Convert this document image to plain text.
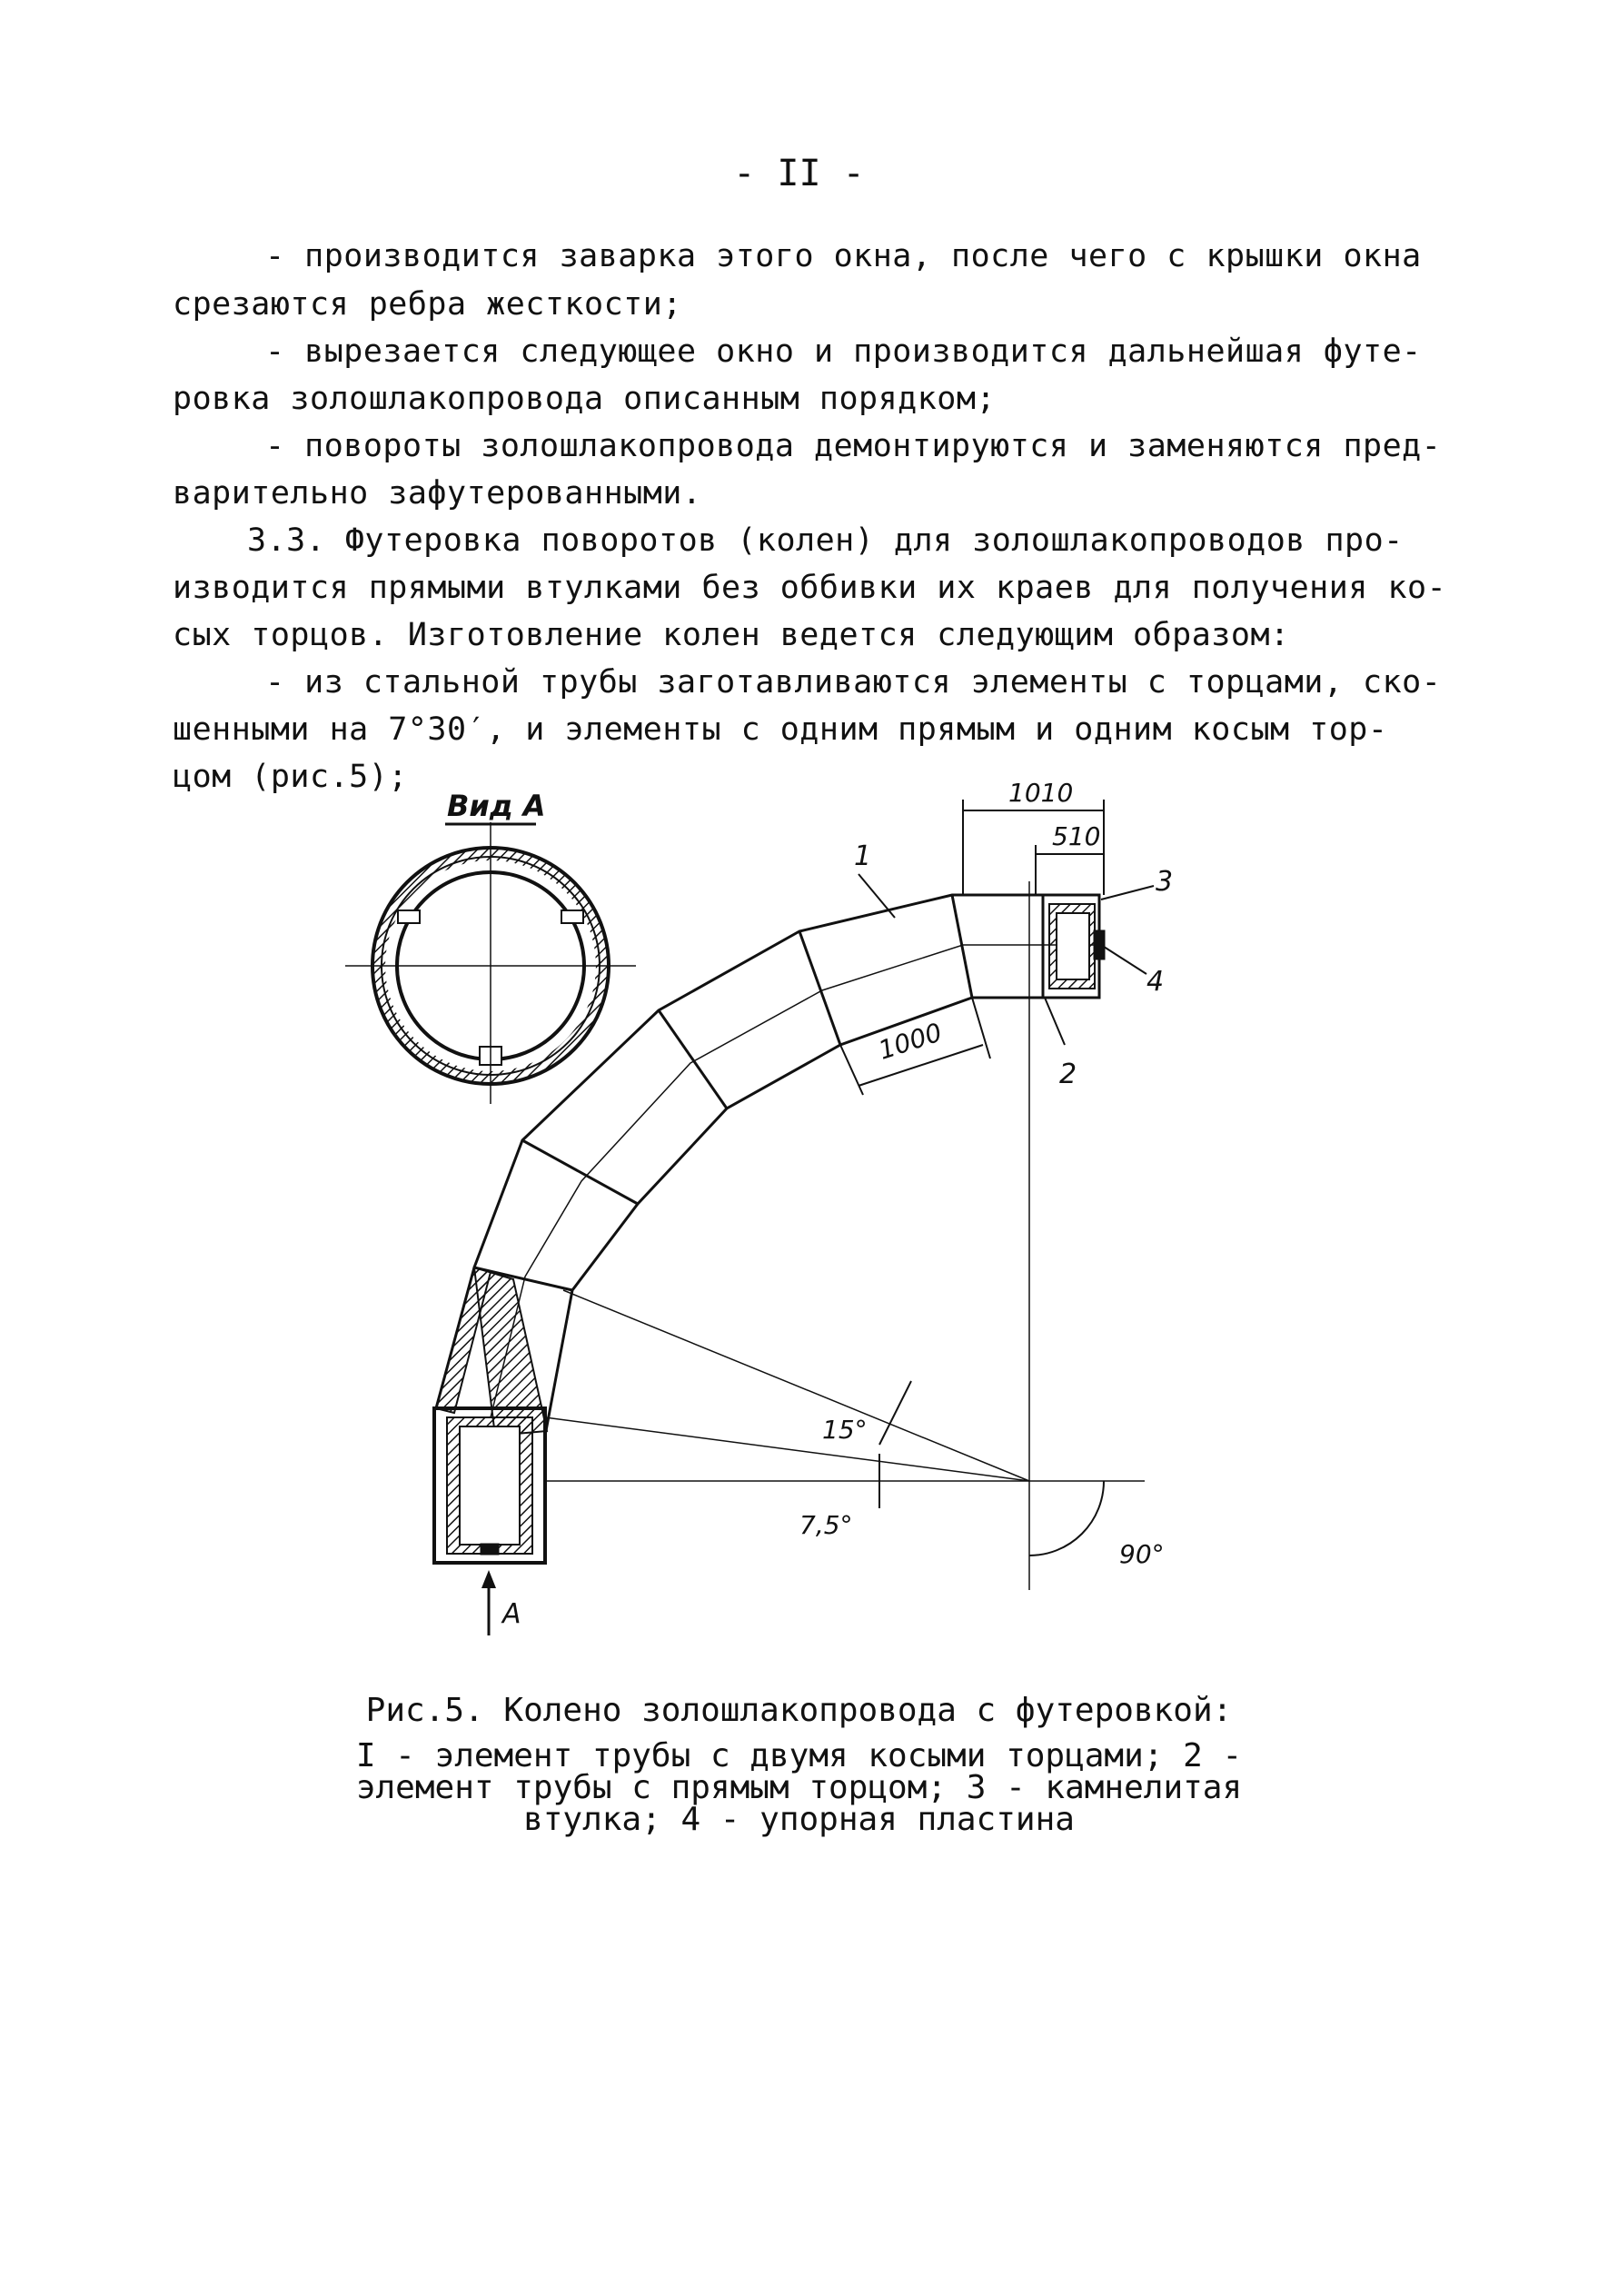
- II -
- производится заварка этого окна, после чего с крышки окна
срезаются ребра жесткости;
- вырезается следующее окно и производится дальнейшая футе-
ровка золошлакопровода описанным порядком;
- повороты золошлакопровода демонтируются и заменяются пред-
варительно зафутерованными.
3.3. Футеровка поворотов (колен) для золошлакопроводов про-
изводится прямыми втулками без оббивки их краев для получения ко-
сых торцов. Изготовление колен ведется следующим образом:
- из стальной трубы заготавливаются элементы с торцами, ско-
шенными на 7°30′, и элементы с одним прямым и одним косым тор-
цом (рис.5);
Вид А	1010
510
1000
1
3
4
2
15°
7,5°
90°
А
Рис.5. Колено золошлакопровода с футеровкой:
I - элемент трубы с двумя косыми торцами; 2 -
элемент трубы с прямым торцом; 3 - камнелитая
втулка; 4 - упорная пластина
